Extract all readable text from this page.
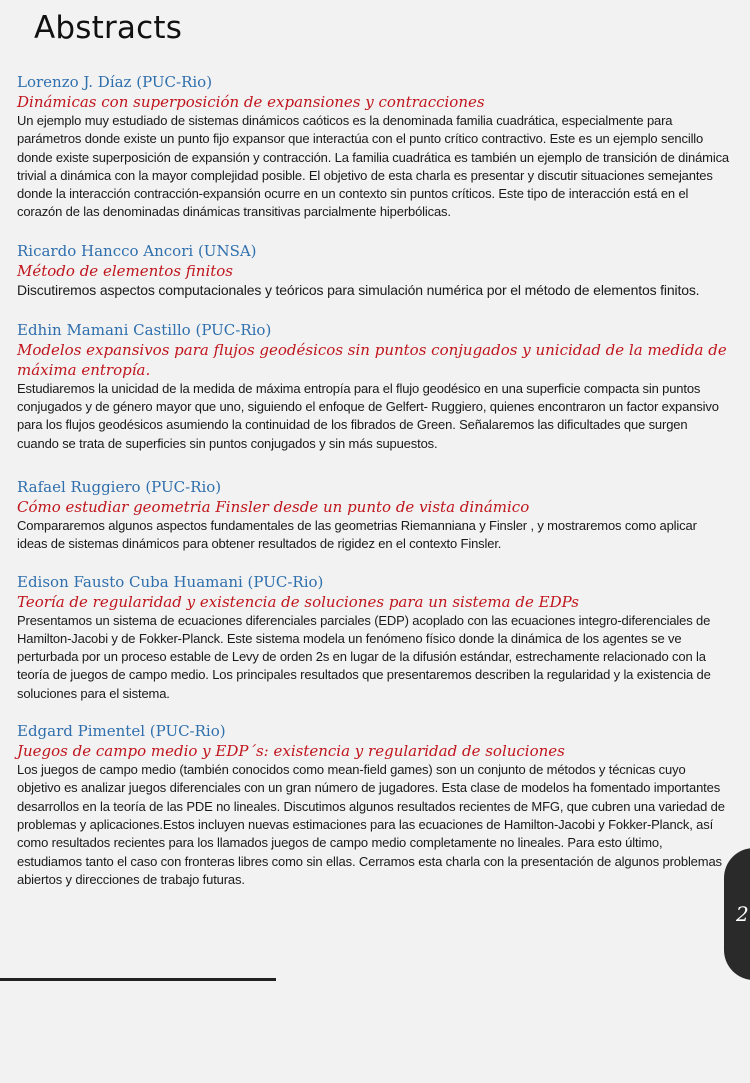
Abstracts
Lorenzo J. Díaz (PUC-Rio)
Dinámicas con superposición de expansiones y contracciones
Un ejemplo muy estudiado de sistemas dinámicos caóticos es la denominada familia cuadrática, especialmente para parámetros donde existe un punto fijo expansor que interactúa con el punto crítico contractivo. Este es un ejemplo sencillo donde existe superposición de expansión y contracción. La familia cuadrática es también un ejemplo de transición de dinámica trivial a dinámica con la mayor complejidad posible. El objetivo de esta charla es presentar y discutir situaciones semejantes donde la interacción contracción-expansión ocurre en un contexto sin puntos críticos. Este tipo de interacción está en el corazón de las denominadas dinámicas transitivas parcialmente hiperbólicas.
Ricardo Hancco Ancori (UNSA)
Método de elementos finitos
Discutiremos aspectos computacionales y teóricos para simulación numérica por el método de elementos finitos.
Edhin Mamani Castillo (PUC-Rio)
Modelos expansivos para flujos geodésicos sin puntos conjugados y unicidad de la medida de máxima entropía.
Estudiaremos la unicidad de la medida de máxima entropía para el flujo geodésico en una superficie compacta sin puntos conjugados y de género mayor que uno, siguiendo el enfoque de Gelfert- Ruggiero, quienes encontraron un factor expansivo para los flujos geodésicos asumiendo la continuidad de los fibrados de Green. Señalaremos las dificultades que surgen cuando se trata de superficies sin puntos conjugados y sin más supuestos.
Rafael Ruggiero (PUC-Rio)
Cómo estudiar geometria Finsler desde un punto de vista dinámico
Compararemos algunos aspectos fundamentales de las geometrias Riemanniana y Finsler , y mostraremos como aplicar ideas de sistemas dinámicos para obtener resultados de rigidez en el contexto Finsler.
Edison Fausto Cuba Huamani (PUC-Rio)
Teoría de regularidad y existencia de soluciones para un sistema de EDPs
Presentamos un sistema de ecuaciones diferenciales parciales (EDP) acoplado con las ecuaciones integro-diferenciales de Hamilton-Jacobi y de Fokker-Planck. Este sistema modela un fenómeno físico donde la dinámica de los agentes se ve perturbada por un proceso estable de Levy de orden 2s en lugar de la difusión estándar, estrechamente relacionado con la teoría de juegos de campo medio. Los principales resultados que presentaremos describen la regularidad y la existencia de soluciones para el sistema.
Edgard Pimentel (PUC-Rio)
Juegos de campo medio y EDP´s: existencia y regularidad de soluciones
Los juegos de campo medio (también conocidos como mean-field games) son un conjunto de métodos y técnicas cuyo objetivo es analizar juegos diferenciales con un gran número de jugadores. Esta clase de modelos ha fomentado importantes desarrollos en la teoría de las PDE no lineales. Discutimos algunos resultados recientes de MFG, que cubren una variedad de problemas y aplicaciones.Estos incluyen nuevas estimaciones para las ecuaciones de Hamilton-Jacobi y Fokker-Planck, así como resultados recientes para los llamados juegos de campo medio completamente no lineales. Para esto último, estudiamos tanto el caso con fronteras libres como sin ellas. Cerramos esta charla con la presentación de algunos problemas abiertos y direcciones de trabajo futuras.
2
